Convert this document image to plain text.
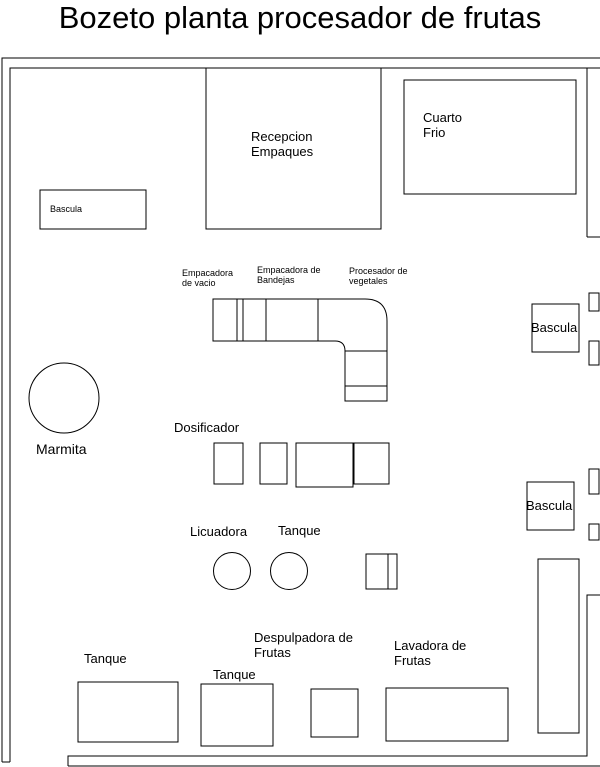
Bozeto planta procesador de frutas
Recepcion
Empaques
Cuarto
Frio
Bascula
Empacadora
de vacio
Empacadora de
Bandejas
Procesador de
vegetales
Bascula
Bascula
Marmita
Dosificador
Licuadora Tanque
Despulpadora de
Frutas	Lavadora de
Frutas
Tanque
Tanque
